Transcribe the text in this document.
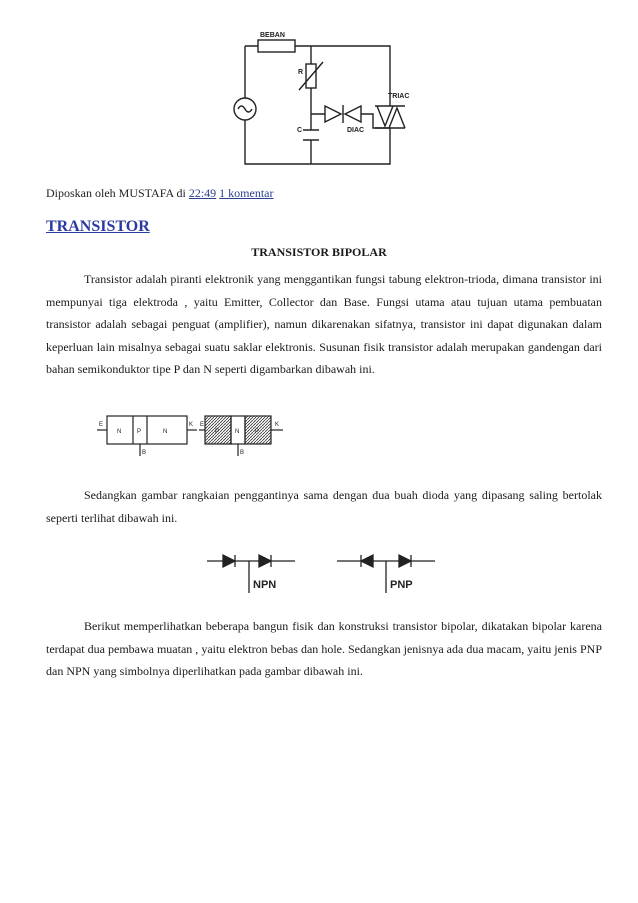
BEBAN
R
C
TRIAC
DIAC
Diposkan oleh MUSTAFA di 22:49 1 komentar
TRANSISTOR
TRANSISTOR BIPOLAR

Transistor adalah piranti elektronik yang menggantikan fungsi tabung elektron-trioda, dimana transistor ini mempunyai tiga elektroda , yaitu Emitter, Collector dan Base. Fungsi utama atau tujuan utama pembuatan transistor adalah sebagai penguat (amplifier), namun dikarenakan sifatnya, transistor ini dapat digunakan dalam keperluan lain misalnya sebagai suatu saklar elektronis. Susunan fisik transistor adalah merupakan gandengan dari bahan semikonduktor tipe P dan N seperti digambarkan dibawah ini.

E
N	P	N
K
B
E
P	N	P
K
B

Sedangkan gambar rangkaian penggantinya sama dengan dua buah dioda yang dipasang saling bertolak seperti terlihat dibawah ini.

NPN	PNP

Berikut memperlihatkan beberapa bangun fisik dan konstruksi transistor bipolar, dikatakan bipolar karena terdapat dua pembawa muatan , yaitu elektron bebas dan hole. Sedangkan jenisnya ada dua macam, yaitu jenis PNP dan NPN yang simbolnya diperlihatkan pada gambar dibawah ini.
